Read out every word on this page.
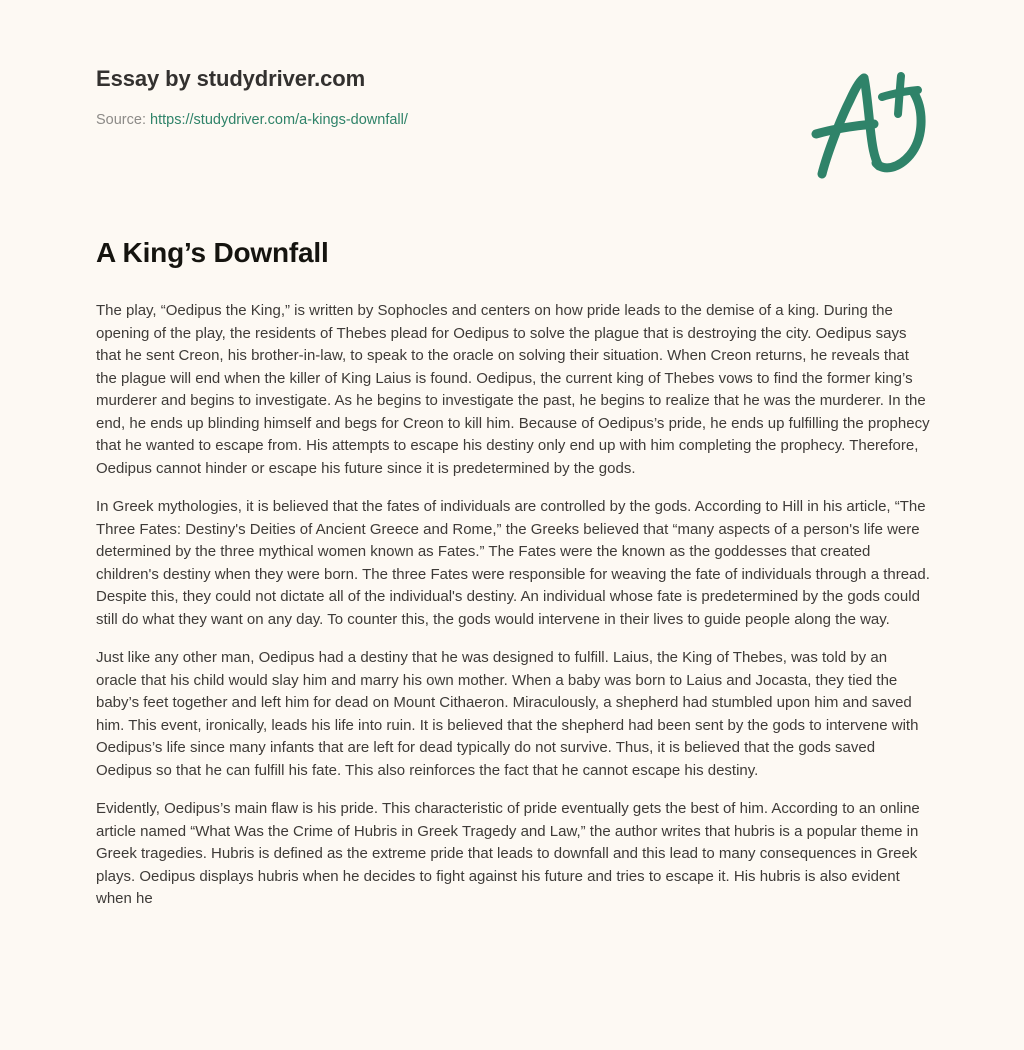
Essay by studydriver.com
Source: https://studydriver.com/a-kings-downfall/
A King’s Downfall

The play, “Oedipus the King,” is written by Sophocles and centers on how pride leads to the demise of a king. During the opening of the play, the residents of Thebes plead for Oedipus to solve the plague that is destroying the city. Oedipus says that he sent Creon, his brother-in-law, to speak to the oracle on solving their situation. When Creon returns, he reveals that the plague will end when the killer of King Laius is found. Oedipus, the current king of Thebes vows to find the former king’s murderer and begins to investigate. As he begins to investigate the past, he begins to realize that he was the murderer. In the end, he ends up blinding himself and begs for Creon to kill him. Because of Oedipus’s pride, he ends up fulfilling the prophecy that he wanted to escape from. His attempts to escape his destiny only end up with him completing the prophecy. Therefore, Oedipus cannot hinder or escape his future since it is predetermined by the gods.

In Greek mythologies, it is believed that the fates of individuals are controlled by the gods. According to Hill in his article, “The Three Fates: Destiny's Deities of Ancient Greece and Rome,” the Greeks believed that “many aspects of a person's life were determined by the three mythical women known as Fates.” The Fates were the known as the goddesses that created children's destiny when they were born. The three Fates were responsible for weaving the fate of individuals through a thread. Despite this, they could not dictate all of the individual's destiny. An individual whose fate is predetermined by the gods could still do what they want on any day. To counter this, the gods would intervene in their lives to guide people along the way.

Just like any other man, Oedipus had a destiny that he was designed to fulfill. Laius, the King of Thebes, was told by an oracle that his child would slay him and marry his own mother. When a baby was born to Laius and Jocasta, they tied the baby’s feet together and left him for dead on Mount Cithaeron. Miraculously, a shepherd had stumbled upon him and saved him. This event, ironically, leads his life into ruin. It is believed that the shepherd had been sent by the gods to intervene with Oedipus’s life since many infants that are left for dead typically do not survive. Thus, it is believed that the gods saved Oedipus so that he can fulfill his fate. This also reinforces the fact that he cannot escape his destiny.

Evidently, Oedipus’s main flaw is his pride. This characteristic of pride eventually gets the best of him. According to an online article named “What Was the Crime of Hubris in Greek Tragedy and Law,” the author writes that hubris is a popular theme in Greek tragedies. Hubris is defined as the extreme pride that leads to downfall and this lead to many consequences in Greek plays. Oedipus displays hubris when he decides to fight against his future and tries to escape it. His hubris is also evident when he
